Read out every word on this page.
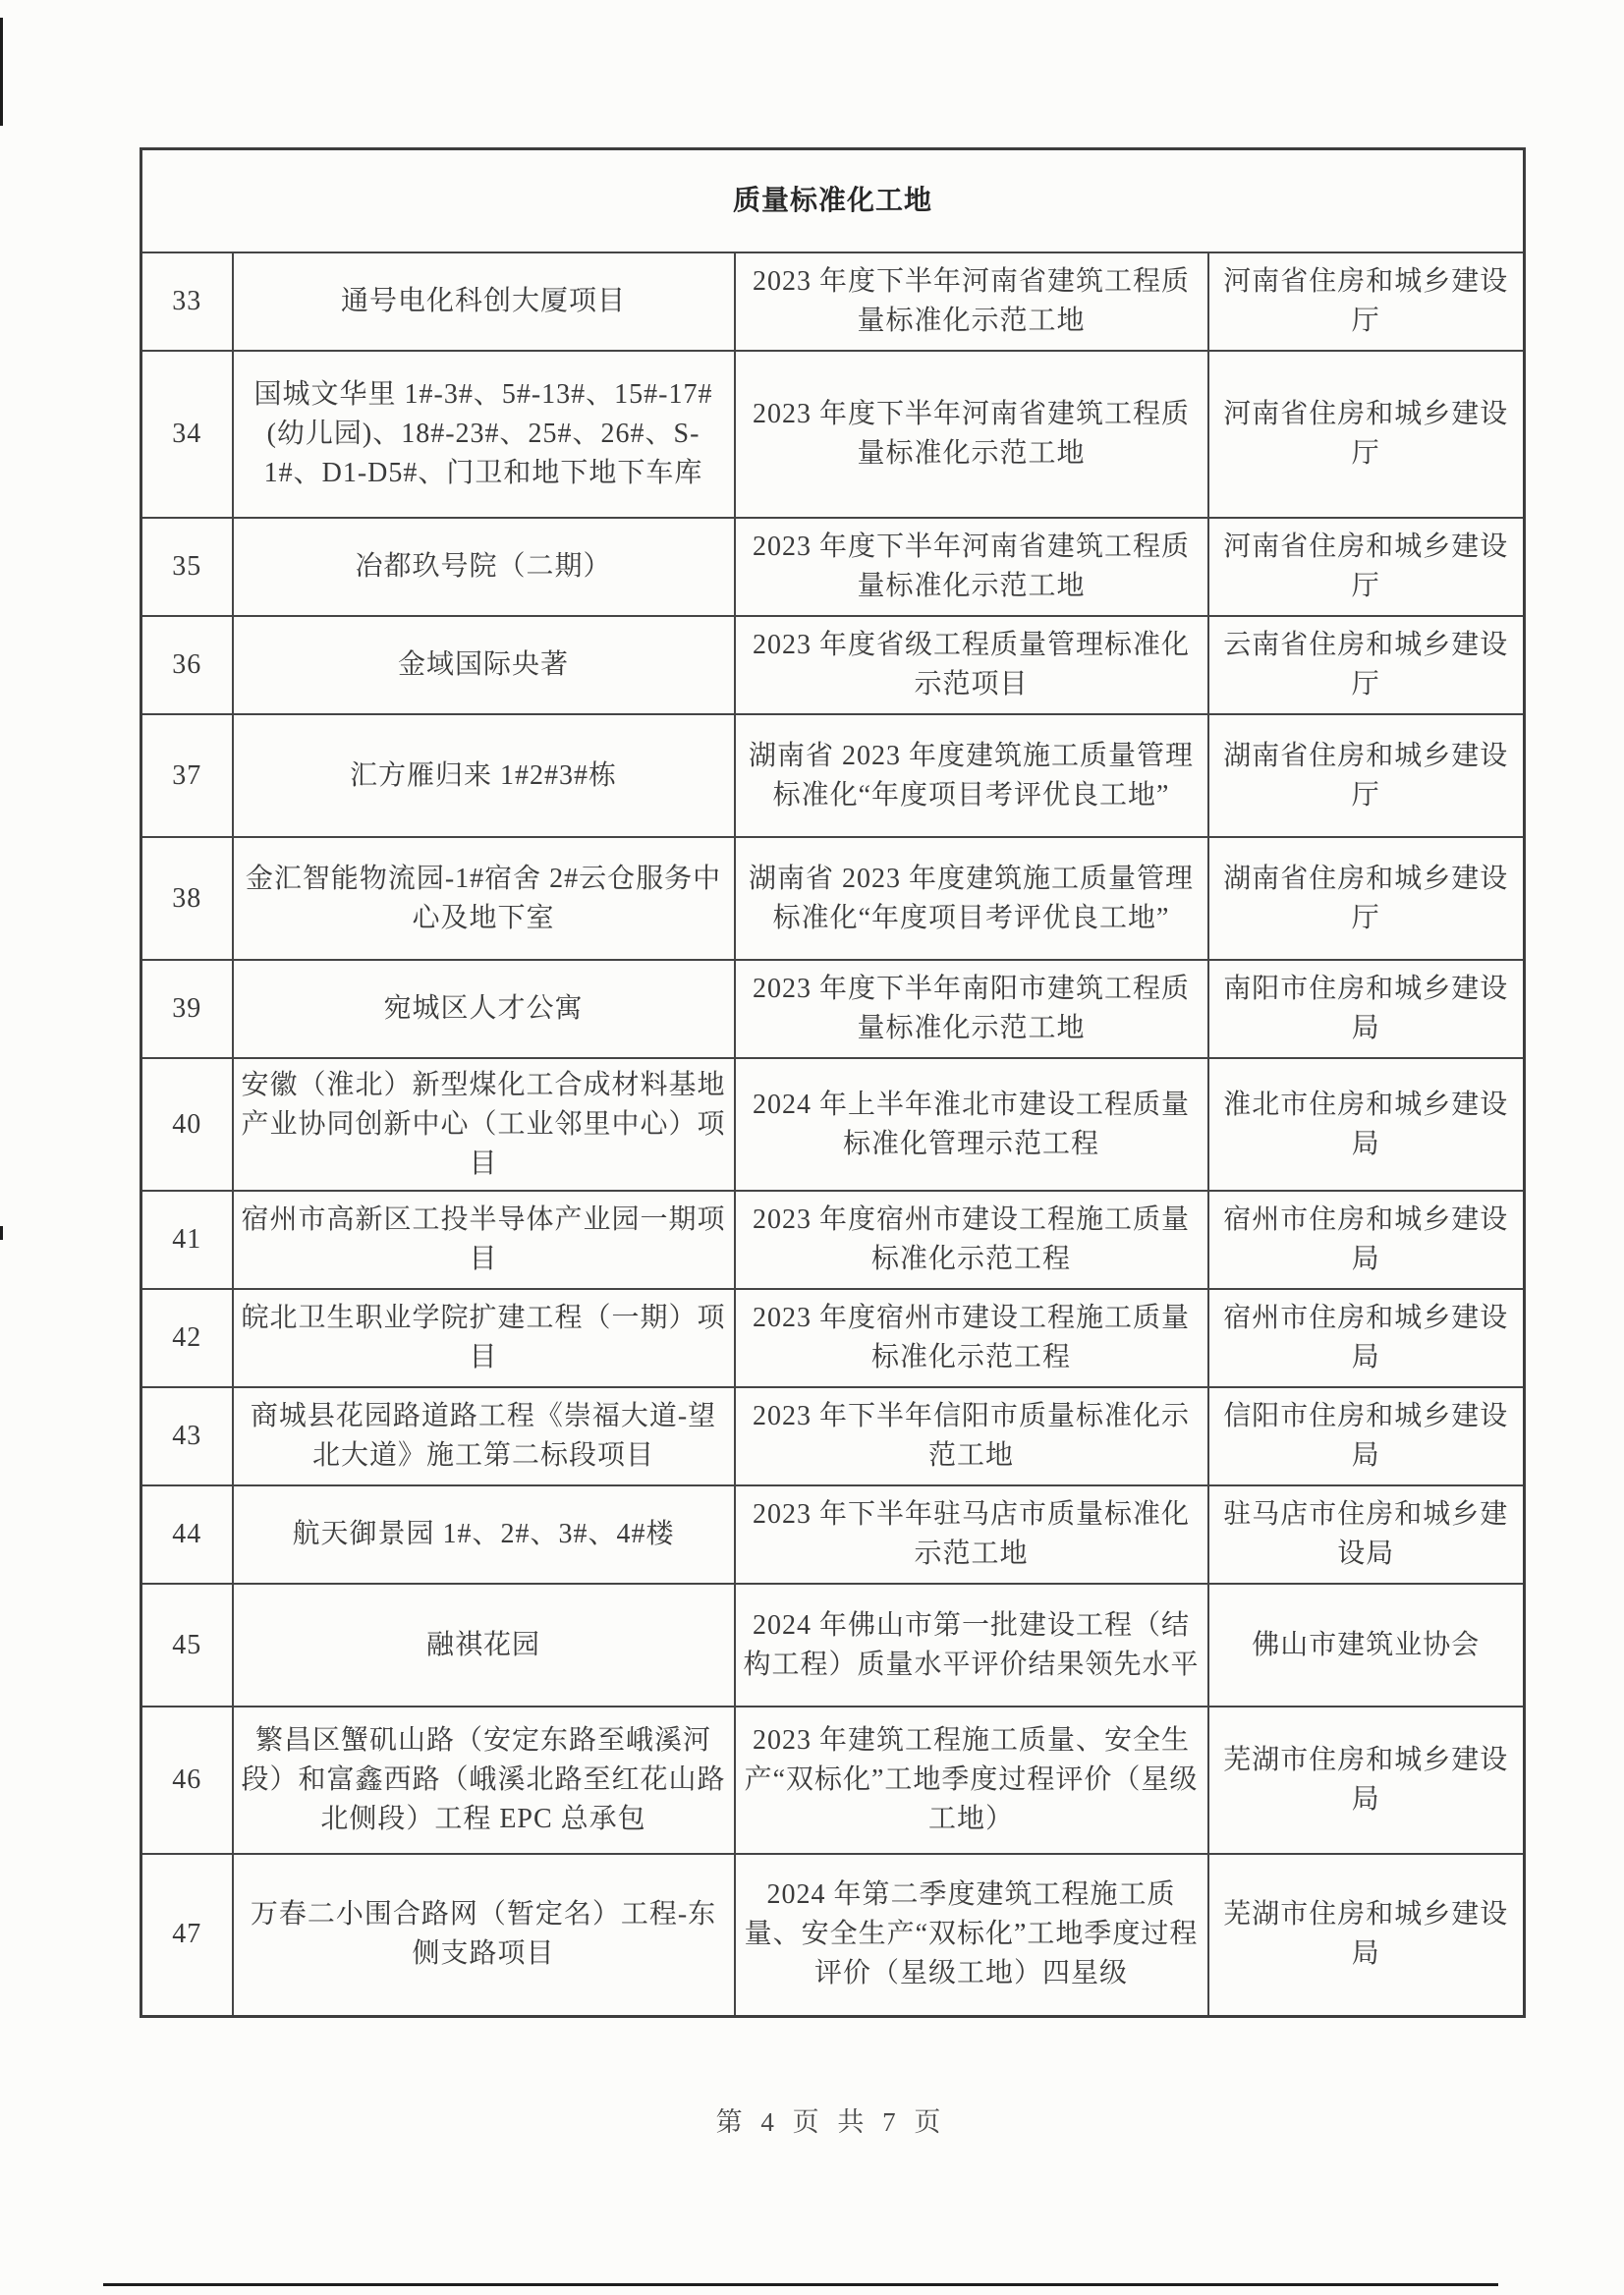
质量标准化工地			
33	通号电化科创大厦项目	2023 年度下半年河南省建筑工程质量标准化示范工地	河南省住房和城乡建设厅
34	国城文华里 1#-3#、5#-13#、15#-17#(幼儿园)、18#-23#、25#、26#、S- 1#、D1-D5#、门卫和地下地下车库	2023 年度下半年河南省建筑工程质量标准化示范工地	河南省住房和城乡建设厅
35	冶都玖号院（二期）	2023 年度下半年河南省建筑工程质量标准化示范工地	河南省住房和城乡建设厅
36	金域国际央著	2023 年度省级工程质量管理标准化示范项目	云南省住房和城乡建设厅
37	汇方雁归来 1#2#3#栋	湖南省 2023 年度建筑施工质量管理标准化“年度项目考评优良工地”	湖南省住房和城乡建设厅
38	金汇智能物流园-1#宿舍 2#云仓服务中心及地下室	湖南省 2023 年度建筑施工质量管理标准化“年度项目考评优良工地”	湖南省住房和城乡建设厅
39	宛城区人才公寓	2023 年度下半年南阳市建筑工程质量标准化示范工地	南阳市住房和城乡建设局
40	安徽（淮北）新型煤化工合成材料基地产业协同创新中心（工业邻里中心）项目	2024 年上半年淮北市建设工程质量标准化管理示范工程	淮北市住房和城乡建设局
41	宿州市高新区工投半导体产业园一期项目	2023 年度宿州市建设工程施工质量标准化示范工程	宿州市住房和城乡建设局
42	皖北卫生职业学院扩建工程（一期）项目	2023 年度宿州市建设工程施工质量标准化示范工程	宿州市住房和城乡建设局
43	商城县花园路道路工程《崇福大道-望北大道》施工第二标段项目	2023 年下半年信阳市质量标准化示范工地	信阳市住房和城乡建设局
44	航天御景园 1#、2#、3#、4#楼	2023 年下半年驻马店市质量标准化示范工地	驻马店市住房和城乡建设局
45	融祺花园	2024 年佛山市第一批建设工程（结构工程）质量水平评价结果领先水平	佛山市建筑业协会
46	繁昌区蟹矶山路（安定东路至峨溪河段）和富鑫西路（峨溪北路至红花山路北侧段）工程 EPC 总承包	2023 年建筑工程施工质量、安全生产“双标化”工地季度过程评价（星级工地）	芜湖市住房和城乡建设局
47	万春二小围合路网（暂定名）工程-东侧支路项目	2024 年第二季度建筑工程施工质量、安全生产“双标化”工地季度过程评价（星级工地）四星级	芜湖市住房和城乡建设局
第 4 页 共 7 页
